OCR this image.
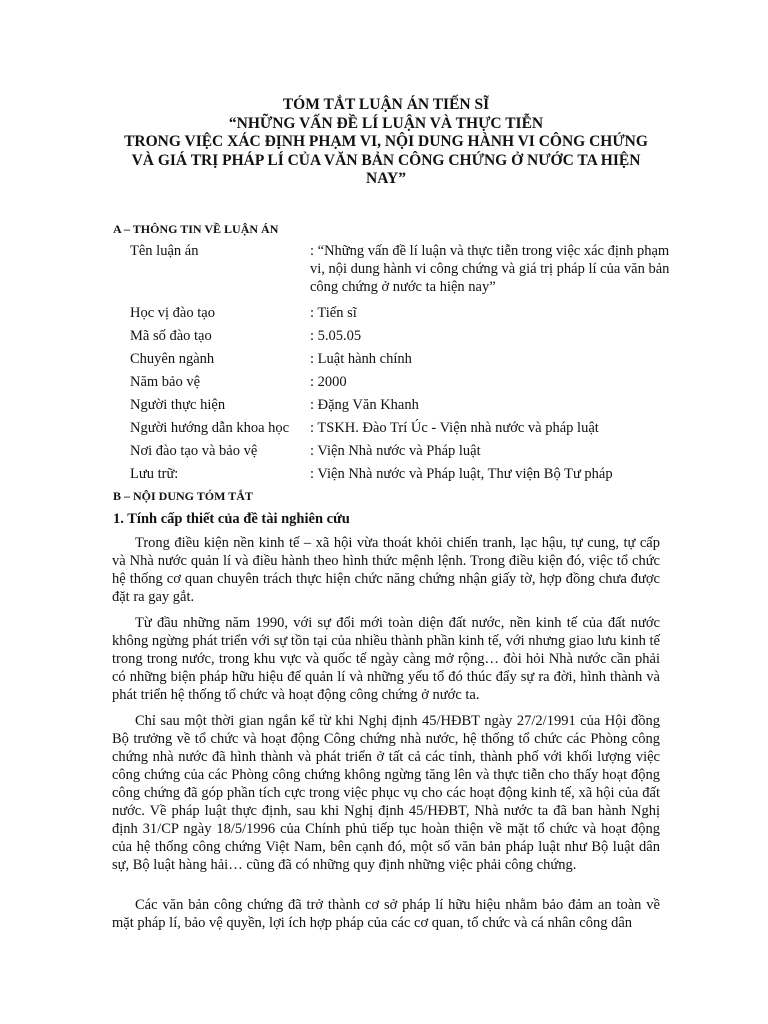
TÓM TẮT LUẬN ÁN TIẾN SĨ
“NHỮNG VẤN ĐỀ LÍ LUẬN VÀ THỰC TIỄN
TRONG VIỆC XÁC ĐỊNH PHẠM VI, NỘI DUNG HÀNH VI CÔNG CHỨNG
VÀ GIÁ TRỊ PHÁP LÍ CỦA VĂN BẢN CÔNG CHỨNG Ở NƯỚC TA HIỆN
NAY”
A – THÔNG TIN VỀ LUẬN ÁN
Tên luận án	: “Những vấn đề lí luận và thực tiễn trong việc xác định phạm vi, nội dung hành vi công chứng và giá trị pháp lí của văn bản công chứng ở nước ta hiện nay”
Học vị đào tạo	: Tiến sĩ
Mã số đào tạo	: 5.05.05
Chuyên ngành	: Luật hành chính
Năm bảo vệ	: 2000
Người thực hiện	: Đặng Văn Khanh
Người hướng dẫn khoa học	: TSKH. Đào Trí Úc - Viện nhà nước và pháp luật
Nơi đào tạo và bảo vệ	: Viện Nhà nước và Pháp luật
Lưu trữ:	: Viện Nhà nước và Pháp luật, Thư viện Bộ Tư pháp
B – NỘI DUNG TÓM TẮT
1. Tính cấp thiết của đề tài nghiên cứu

Trong điều kiện nền kinh tế – xã hội vừa thoát khỏi chiến tranh, lạc hậu, tự cung, tự cấp và Nhà nước quản lí và điều hành theo hình thức mệnh lệnh. Trong điều kiện đó, việc tổ chức hệ thống cơ quan chuyên trách thực hiện chức năng chứng nhận giấy tờ, hợp đồng chưa được đặt ra gay gắt.

Từ đầu những năm 1990, với sự đổi mới toàn diện đất nước, nền kinh tế của đất nước không ngừng phát triển với sự tồn tại của nhiều thành phần kinh tế, với nhưng giao lưu kinh tế trong trong nước, trong khu vực và quốc tế ngày càng mở rộng… đòi hỏi Nhà nước cần phải có những biện pháp hữu hiệu để quản lí và những yếu tố đó thúc đẩy sự ra đời, hình thành và phát triển hệ thống tổ chức và hoạt động công chứng ở nước ta.

Chỉ sau một thời gian ngắn kể từ khi Nghị định 45/HĐBT ngày 27/2/1991 của Hội đồng Bộ trưởng về tổ chức và hoạt động Công chứng nhà nước, hệ thống tổ chức các Phòng công chứng nhà nước đã hình thành và phát triển ở tất cả các tỉnh, thành phố với khối lượng việc công chứng của các Phòng công chứng không ngừng tăng lên và thực tiễn cho thấy hoạt động công chứng đã góp phần tích cực trong việc phục vụ cho các hoạt động kinh tế, xã hội của đất nước. Về pháp luật thực định, sau khi Nghị định 45/HĐBT, Nhà nước ta đã ban hành Nghị định 31/CP ngày 18/5/1996 của Chính phủ tiếp tục hoàn thiện về mặt tổ chức và hoạt động của hệ thống công chứng Việt Nam, bên cạnh đó, một số văn bản pháp luật như Bộ luật dân sự, Bộ luật hàng hải… cũng đã có những quy định những việc phải công chứng.

Các văn bản công chứng đã trở thành cơ sở pháp lí hữu hiệu nhằm bảo đảm an toàn về mặt pháp lí, bảo vệ quyền, lợi ích hợp pháp của các cơ quan, tổ chức và cá nhân công dân
